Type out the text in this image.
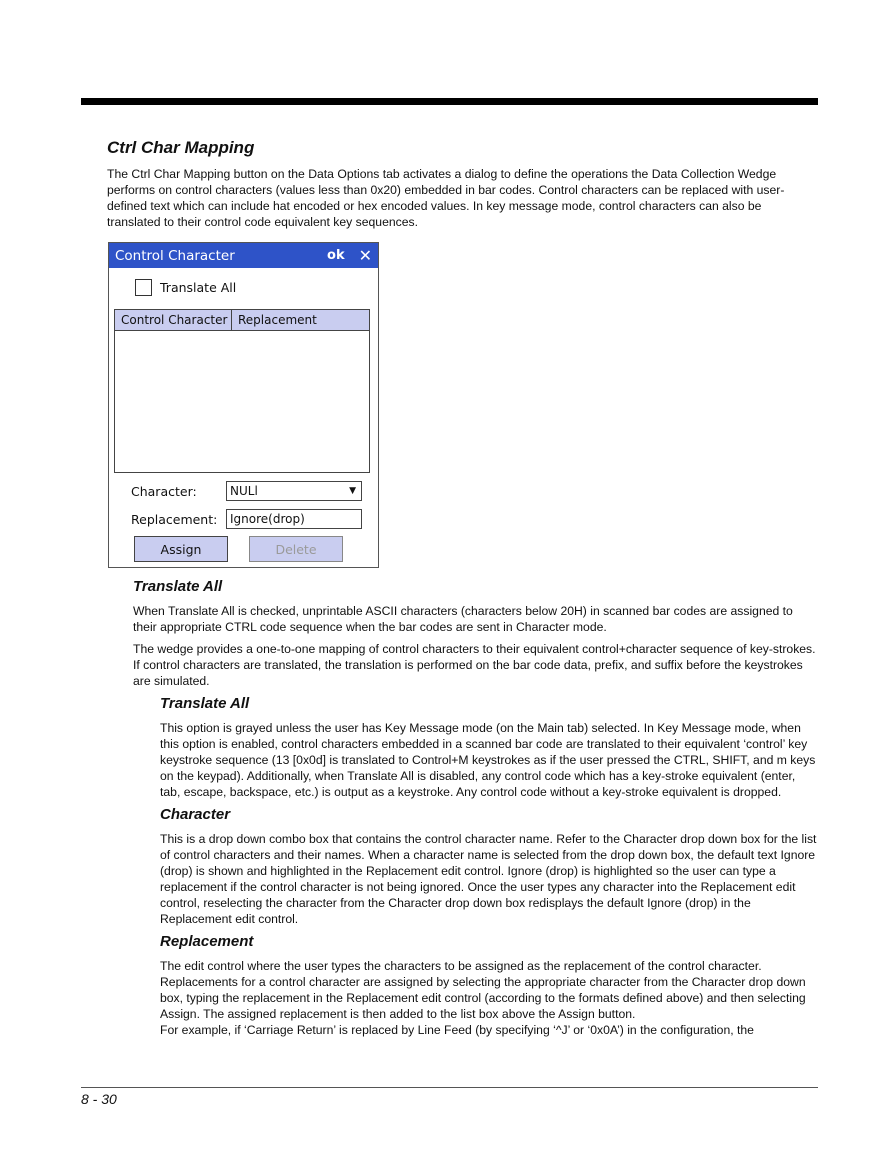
Ctrl Char Mapping

The Ctrl Char Mapping button on the Data Options tab activates a dialog to define the operations the Data Collection Wedge performs on control characters (values less than 0x20) embedded in bar codes. Control characters can be replaced with user-defined text which can include hat encoded or hex encoded values. In key message mode, control characters can also be translated to their control code equivalent key sequences.

Control Character	ok ✕
Translate All
Control Character Replacement
Character:	NULl	▼
Replacement:	Ignore(drop)
Assign	Delete
Translate All

When Translate All is checked, unprintable ASCII characters (characters below 20H) in scanned bar codes are assigned to their appropriate CTRL code sequence when the bar codes are sent in Character mode.

The wedge provides a one-to-one mapping of control characters to their equivalent control+character sequence of key-strokes. If control characters are translated, the translation is performed on the bar code data, prefix, and suffix before the keystrokes are simulated.

Translate All

This option is grayed unless the user has Key Message mode (on the Main tab) selected. In Key Message mode, when this option is enabled, control characters embedded in a scanned bar code are translated to their equivalent ‘control’ key keystroke sequence (13 [0x0d] is translated to Control+M keystrokes as if the user pressed the CTRL, SHIFT, and m keys on the keypad). Additionally, when Translate All is disabled, any control code which has a key-stroke equivalent (enter, tab, escape, backspace, etc.) is output as a keystroke. Any control code without a key-stroke equivalent is dropped.

Character

This is a drop down combo box that contains the control character name. Refer to the Character drop down box for the list of control characters and their names. When a character name is selected from the drop down box, the default text Ignore (drop) is shown and highlighted in the Replacement edit control. Ignore (drop) is highlighted so the user can type a replacement if the control character is not being ignored. Once the user types any character into the Replacement edit control, reselecting the character from the Character drop down box redisplays the default Ignore (drop) in the Replacement edit control.

Replacement

The edit control where the user types the characters to be assigned as the replacement of the control character. Replacements for a control character are assigned by selecting the appropriate character from the Character drop down box, typing the replacement in the Replacement edit control (according to the formats defined above) and then selecting Assign. The assigned replacement is then added to the list box above the Assign button.

For example, if ‘Carriage Return’ is replaced by Line Feed (by specifying ‘^J’ or ‘0x0A’) in the configuration, the

8 - 30
